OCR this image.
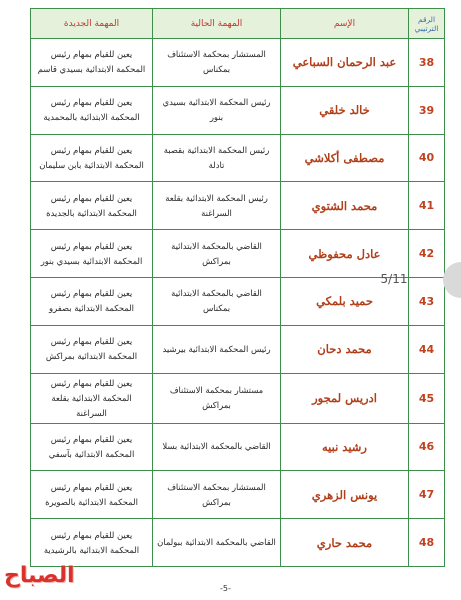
الرقم الترتيبي	الإسم	المهمة الحالية	المهمة الجديدة
38	عبد الرحمان السباعي	المستشار بمحكمة الاستئناف بمكناس	يعين للقيام بمهام رئيس المحكمة الابتدائية بسيدي قاسم
39	خالد خلقي	رئيس المحكمة الابتدائية بسيدي بنور	يعين للقيام بمهام رئيس المحكمة الابتدائية بالمحمدية
40	مصطفى أكلاشي	رئيس المحكمة الابتدائية بقصبة تادلة	يعين للقيام بمهام رئيس المحكمة الابتدائية بابن سليمان
41	محمد الشتوي	رئيس المحكمة الابتدائية بقلعة السراغنة	يعين للقيام بمهام رئيس المحكمة الابتدائية بالجديدة
42	عادل محفوظي	القاضي بالمحكمة الابتدائية بمراكش	يعين للقيام بمهام رئيس المحكمة الابتدائية بسيدي بنور
43	حميد بلمكي	القاضي بالمحكمة الابتدائية بمكناس	يعين للقيام بمهام رئيس المحكمة الابتدائية بصفرو
44	محمد دحان	رئيس المحكمة الابتدائية بيرشيد	يعين للقيام بمهام رئيس المحكمة الابتدائية بمراكش
45	ادريس لمجور	مستشار بمحكمة الاستئناف بمراكش	يعين للقيام بمهام رئيس المحكمة الابتدائية بقلعة السراغنة
46	رشيد نبيه	القاضي بالمحكمة الابتدائية بسلا	يعين للقيام بمهام رئيس المحكمة الابتدائية بآسفي
47	يونس الزهري	المستشار بمحكمة الاستئناف بمراكش	يعين للقيام بمهام رئيس المحكمة الابتدائية بالصويرة
48	محمد حاري	القاضي بالمحكمة الابتدائية ببولمان	يعين للقيام بمهام رئيس المحكمة الابتدائية بالرشيدية
5/11
-5-
الصباح
